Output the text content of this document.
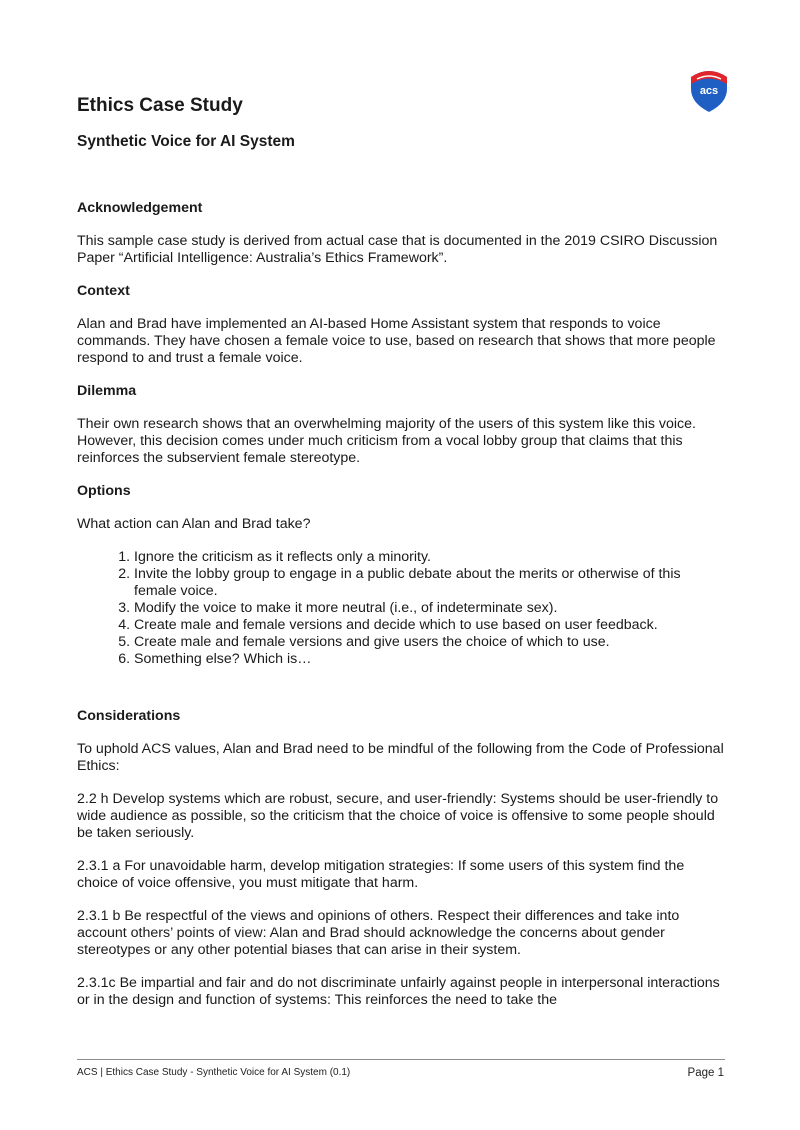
acs
Ethics Case Study
Synthetic Voice for AI System
Acknowledgement

This sample case study is derived from actual case that is documented in the 2019 CSIRO Discussion Paper “Artificial Intelligence: Australia’s Ethics Framework”.

Context

Alan and Brad have implemented an AI-based Home Assistant system that responds to voice commands. They have chosen a female voice to use, based on research that shows that more people respond to and trust a female voice.

Dilemma

Their own research shows that an overwhelming majority of the users of this system like this voice. However, this decision comes under much criticism from a vocal lobby group that claims that this reinforces the subservient female stereotype.

Options

What action can Alan and Brad take?

1. Ignore the criticism as it reflects only a minority.
2. Invite the lobby group to engage in a public debate about the merits or otherwise of this female voice.
3. Modify the voice to make it more neutral (i.e., of indeterminate sex).
4. Create male and female versions and decide which to use based on user feedback.
5. Create male and female versions and give users the choice of which to use.
6. Something else? Which is…
Considerations

To uphold ACS values, Alan and Brad need to be mindful of the following from the Code of Professional Ethics:

2.2 h Develop systems which are robust, secure, and user-friendly: Systems should be user-friendly to wide audience as possible, so the criticism that the choice of voice is offensive to some people should be taken seriously.

2.3.1 a For unavoidable harm, develop mitigation strategies: If some users of this system find the choice of voice offensive, you must mitigate that harm.

2.3.1 b Be respectful of the views and opinions of others. Respect their differences and take into account others’ points of view: Alan and Brad should acknowledge the concerns about gender stereotypes or any other potential biases that can arise in their system.

2.3.1c Be impartial and fair and do not discriminate unfairly against people in interpersonal interactions or in the design and function of systems: This reinforces the need to take the

ACS | Ethics Case Study - Synthetic Voice for AI System (0.1)	Page 1
